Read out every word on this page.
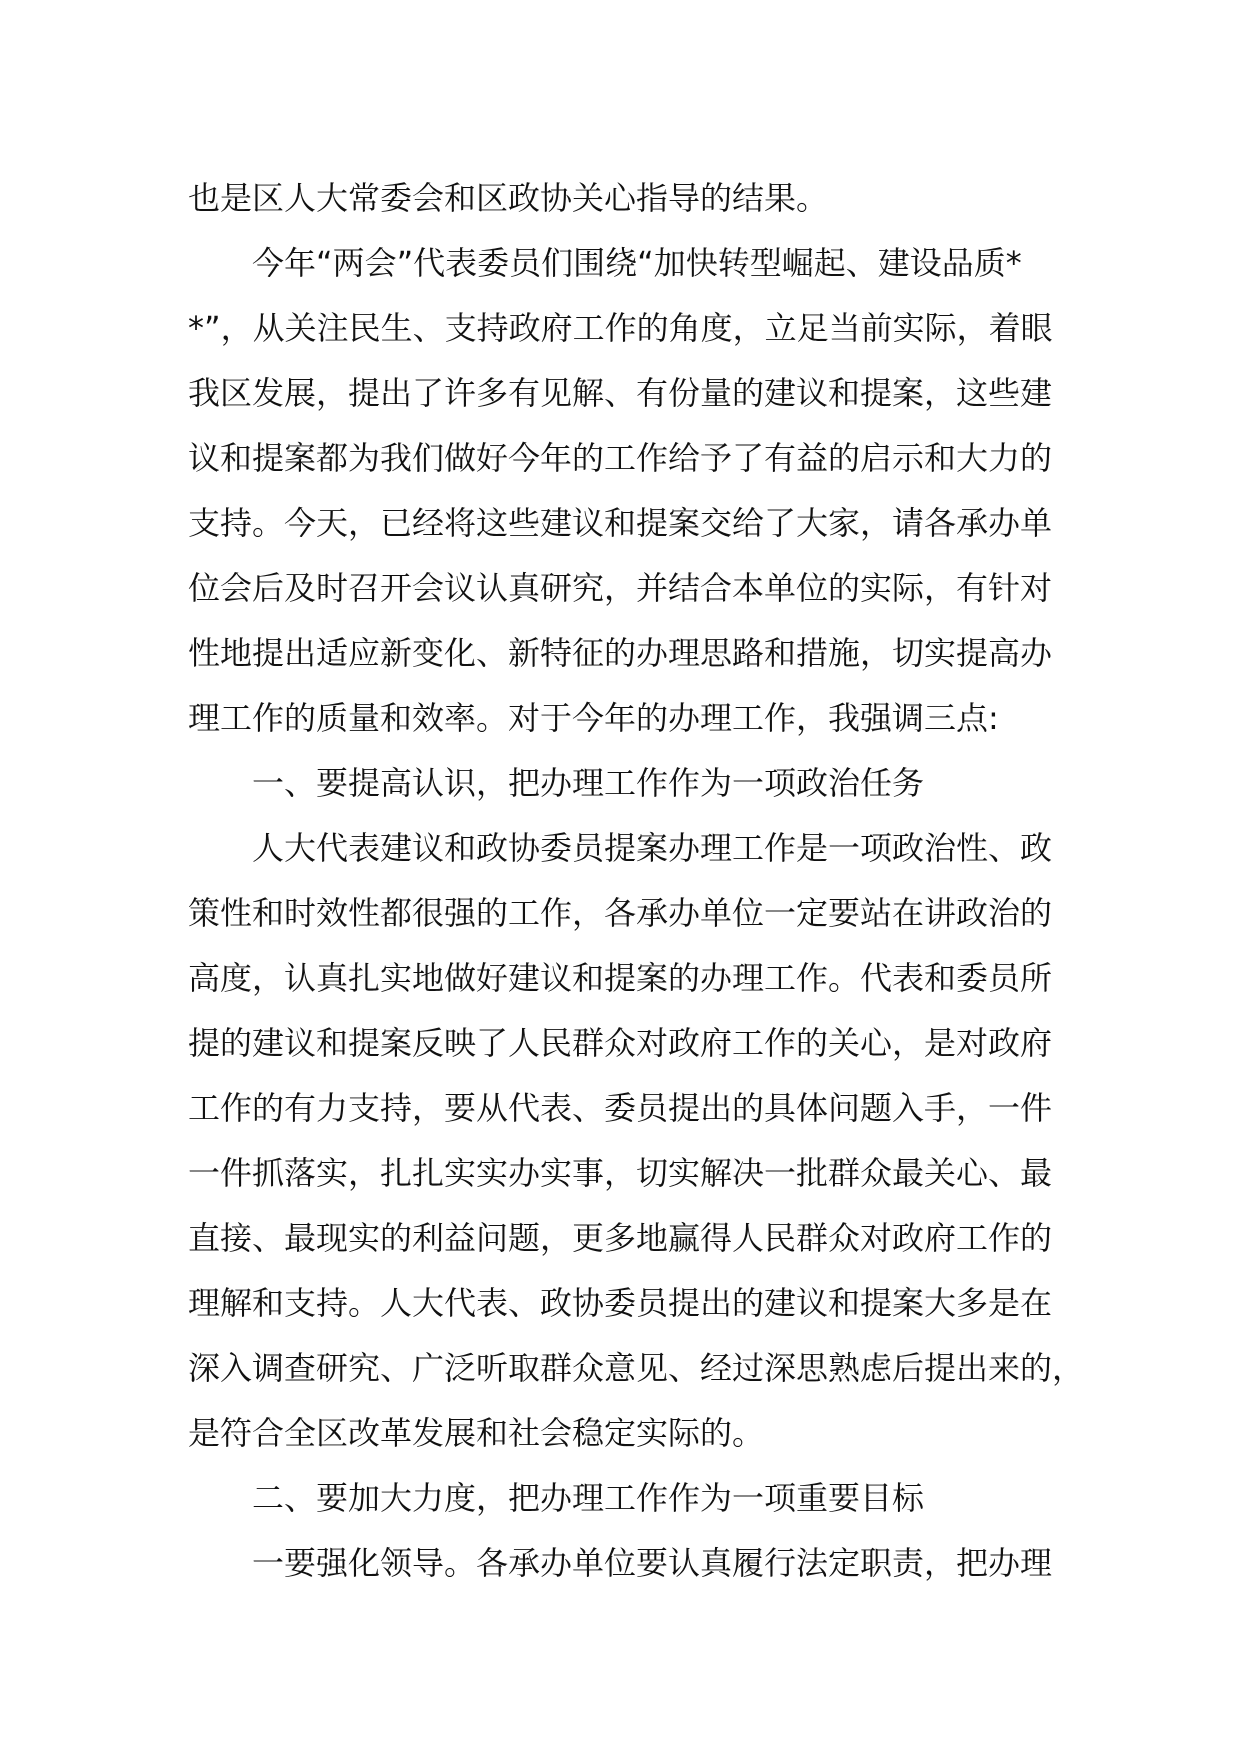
也是区人大常委会和区政协关心指导的结果。
今年“两会”代表委员们围绕“加快转型崛起、建设品质*
*”，从关注民生、支持政府工作的角度，立足当前实际，着眼
我区发展，提出了许多有见解、有份量的建议和提案，这些建
议和提案都为我们做好今年的工作给予了有益的启示和大力的
支持。今天，已经将这些建议和提案交给了大家，请各承办单
位会后及时召开会议认真研究，并结合本单位的实际，有针对
性地提出适应新变化、新特征的办理思路和措施，切实提高办
理工作的质量和效率。对于今年的办理工作，我强调三点:
一、要提高认识，把办理工作作为一项政治任务
人大代表建议和政协委员提案办理工作是一项政治性、政
策性和时效性都很强的工作，各承办单位一定要站在讲政治的
高度，认真扎实地做好建议和提案的办理工作。代表和委员所
提的建议和提案反映了人民群众对政府工作的关心，是对政府
工作的有力支持，要从代表、委员提出的具体问题入手，一件
一件抓落实，扎扎实实办实事，切实解决一批群众最关心、最
直接、最现实的利益问题，更多地赢得人民群众对政府工作的
理解和支持。人大代表、政协委员提出的建议和提案大多是在
深入调查研究、广泛听取群众意见、经过深思熟虑后提出来的，
是符合全区改革发展和社会稳定实际的。
二、要加大力度，把办理工作作为一项重要目标
一要强化领导。各承办单位要认真履行法定职责，把办理
